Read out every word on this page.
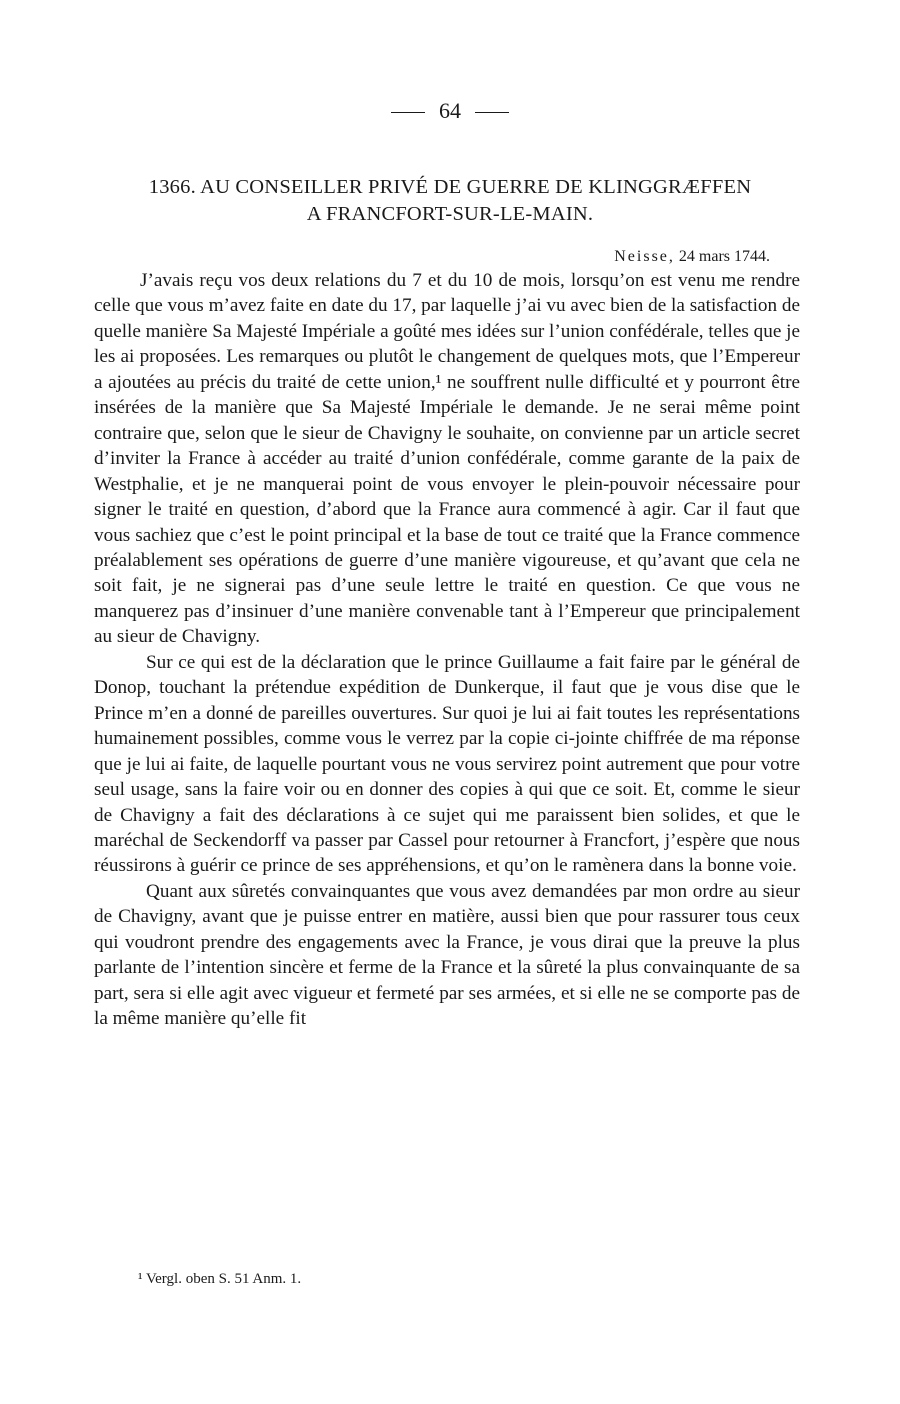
64
1366. AU CONSEILLER PRIVÉ DE GUERRE DE KLINGGRÆFFEN
A FRANCFORT-SUR-LE-MAIN.
Neisse, 24 mars 1744.

J’avais reçu vos deux relations du 7 et du 10 de mois, lorsqu’on est venu me rendre celle que vous m’avez faite en date du 17, par laquelle j’ai vu avec bien de la satisfaction de quelle manière Sa Majesté Impériale a goûté mes idées sur l’union confédérale, telles que je les ai proposées. Les remarques ou plutôt le changement de quelques mots, que l’Empereur a ajoutées au précis du traité de cette union,¹ ne souffrent nulle difficulté et y pourront être insérées de la manière que Sa Majesté Impériale le demande. Je ne serai même point contraire que, selon que le sieur de Chavigny le souhaite, on convienne par un article secret d’inviter la France à accéder au traité d’union confédérale, comme garante de la paix de Westphalie, et je ne manquerai point de vous envoyer le plein-pouvoir nécessaire pour signer le traité en question, d’abord que la France aura commencé à agir. Car il faut que vous sachiez que c’est le point principal et la base de tout ce traité que la France commence préalablement ses opérations de guerre d’une manière vigoureuse, et qu’avant que cela ne soit fait, je ne signerai pas d’une seule lettre le traité en question. Ce que vous ne manquerez pas d’insinuer d’une manière convenable tant à l’Empereur que principalement au sieur de Chavigny.

Sur ce qui est de la déclaration que le prince Guillaume a fait faire par le général de Donop, touchant la prétendue expédition de Dunkerque, il faut que je vous dise que le Prince m’en a donné de pareilles ouvertures. Sur quoi je lui ai fait toutes les représentations humainement possibles, comme vous le verrez par la copie ci-jointe chiffrée de ma réponse que je lui ai faite, de laquelle pourtant vous ne vous servirez point autrement que pour votre seul usage, sans la faire voir ou en donner des copies à qui que ce soit. Et, comme le sieur de Chavigny a fait des déclarations à ce sujet qui me paraissent bien solides, et que le maréchal de Seckendorff va passer par Cassel pour retourner à Francfort, j’espère que nous réussirons à guérir ce prince de ses appréhensions, et qu’on le ramènera dans la bonne voie.

Quant aux sûretés convainquantes que vous avez demandées par mon ordre au sieur de Chavigny, avant que je puisse entrer en matière, aussi bien que pour rassurer tous ceux qui voudront prendre des engagements avec la France, je vous dirai que la preuve la plus parlante de l’intention sincère et ferme de la France et la sûreté la plus convainquante de sa part, sera si elle agit avec vigueur et fermeté par ses armées, et si elle ne se comporte pas de la même manière qu’elle fit

¹ Vergl. oben S. 51 Anm. 1.
